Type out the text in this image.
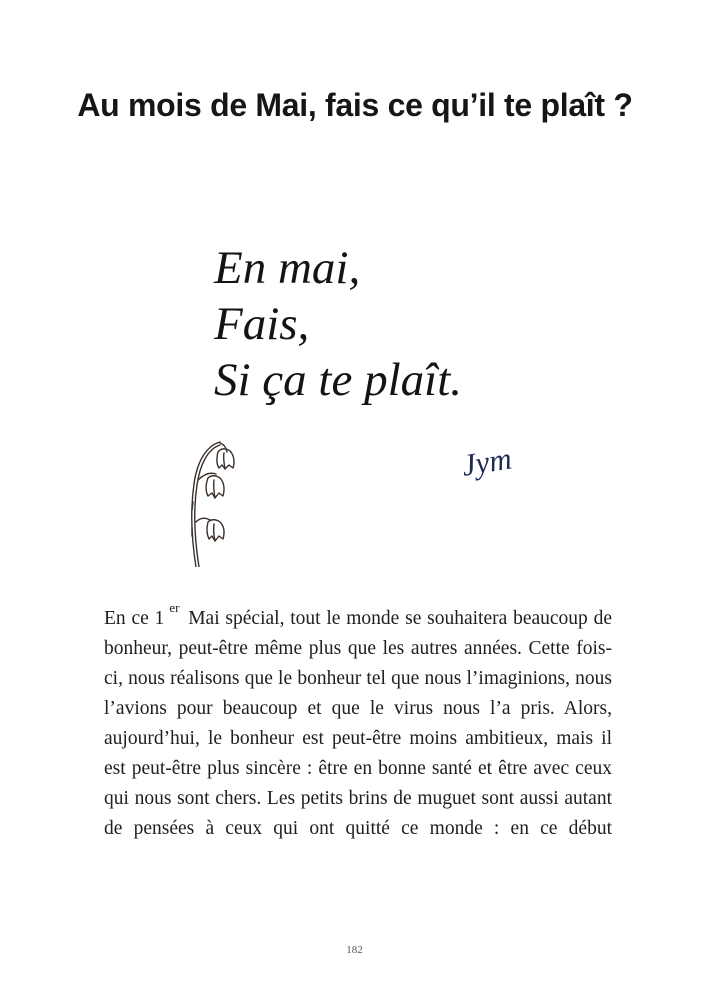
Au mois de Mai, fais ce qu’il te plaît ?
En mai,
Fais,
Si ça te plaît.
Jym

En ce 1er Mai spécial, tout le monde se souhaitera beaucoup de bonheur, peut-être même plus que les autres années. Cette fois-ci, nous réalisons que le bonheur tel que nous l’imaginions, nous l’avions pour beaucoup et que le virus nous l’a pris. Alors, aujourd’hui, le bonheur est peut-être moins ambitieux, mais il est peut-être plus sincère : être en bonne santé et être avec ceux qui nous sont chers. Les petits brins de muguet sont aussi autant de pensées à ceux qui ont quitté ce monde : en ce début

182
